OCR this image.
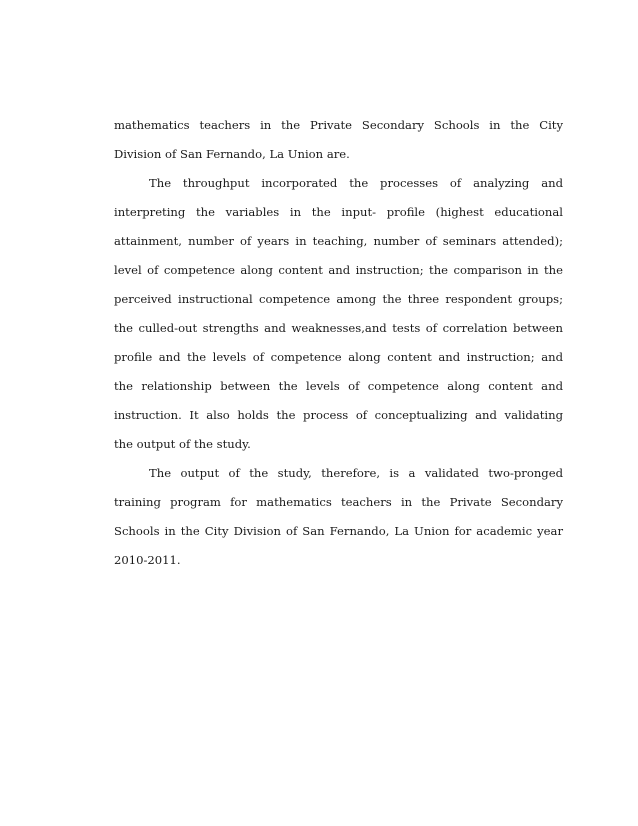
mathematics teachers in the Private Secondary Schools in the City
Division of San Fernando, La Union are.
The throughput incorporated the processes of analyzing and
interpreting the variables in the input- profile (highest educational
attainment, number of years in teaching, number of seminars attended);
level of competence along content and instruction; the comparison in the
perceived instructional competence among the three respondent groups;
the culled-out strengths and weaknesses,and tests of correlation between
profile and the levels of competence along content and instruction; and
the relationship between the levels of competence along content and
instruction. It also holds the process of conceptualizing and validating
the output of the study.
The output of the study, therefore, is a validated two-pronged
training program for mathematics teachers in the Private Secondary
Schools in the City Division of San Fernando, La Union for academic year
2010-2011.
